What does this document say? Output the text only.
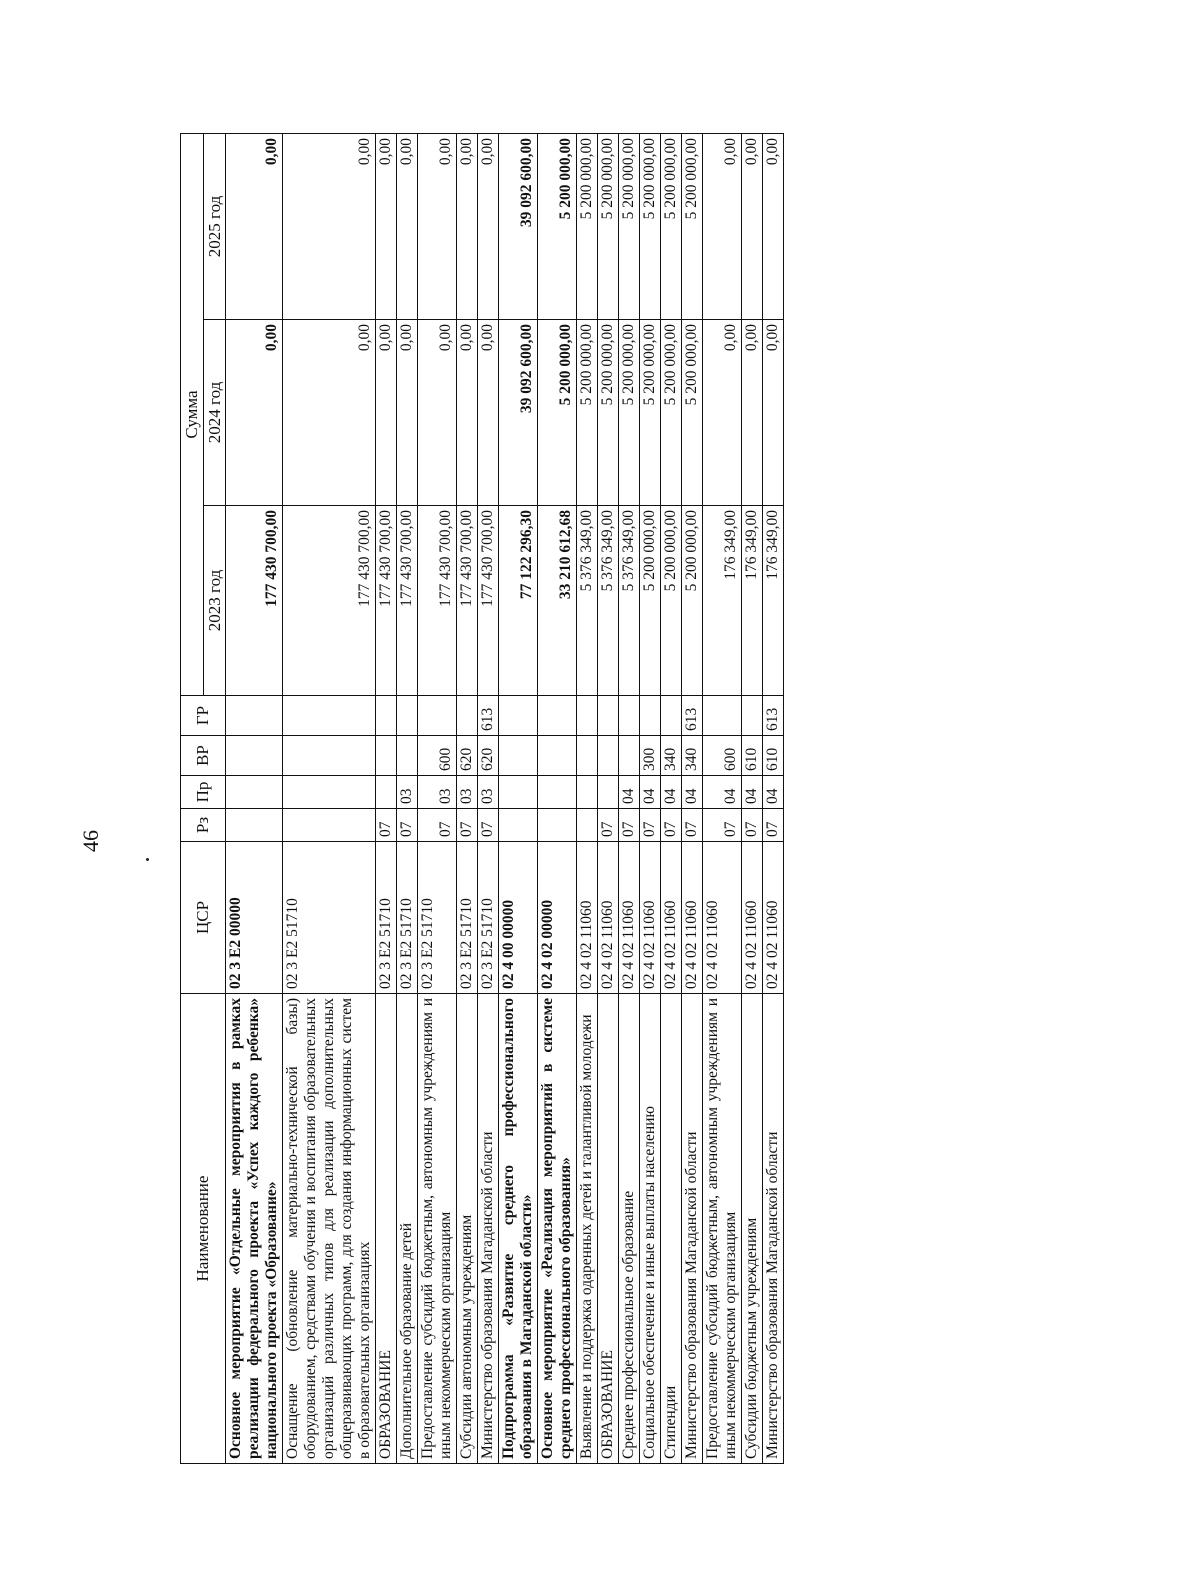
46
Наименование	ЦСР	Рз	Пр	ВР	ГР	Сумма		
						2023 год	2024 год	2025 год
Основное мероприятие «Отдельные мероприятия в рамках реализации федерального проекта «Успех каждого ребенка» национального проекта «Образование»	02 3 E2 00000					177 430 700,00	0,00	0,00
Оснащение (обновление материально-технической базы) оборудованием, средствами обучения и воспитания образовательных организаций различных типов для реализации дополнительных общеразвивающих программ, для создания информационных систем в образовательных организациях	02 3 E2 51710					177 430 700,00	0,00	0,00
ОБРАЗОВАНИЕ	02 3 E2 51710	07				177 430 700,00	0,00	0,00
Дополнительное образование детей	02 3 E2 51710	07	03			177 430 700,00	0,00	0,00
Предоставление субсидий бюджетным, автономным учреждениям и иным некоммерческим организациям	02 3 E2 51710	07	03	600		177 430 700,00	0,00	0,00
Субсидии автономным учреждениям	02 3 E2 51710	07	03	620		177 430 700,00	0,00	0,00
Министерство образования Магаданской области	02 3 E2 51710	07	03	620	613	177 430 700,00	0,00	0,00
Подпрограмма «Развитие среднего профессионального образования в Магаданской области»	02 4 00 00000					77 122 296,30	39 092 600,00	39 092 600,00
Основное мероприятие «Реализация мероприятий в системе среднего профессионального образования»	02 4 02 00000					33 210 612,68	5 200 000,00	5 200 000,00
Выявление и поддержка одаренных детей и талантливой молодежи	02 4 02 11060					5 376 349,00	5 200 000,00	5 200 000,00
ОБРАЗОВАНИЕ	02 4 02 11060	07				5 376 349,00	5 200 000,00	5 200 000,00
Среднее профессиональное образование	02 4 02 11060	07	04			5 376 349,00	5 200 000,00	5 200 000,00
Социальное обеспечение и иные выплаты населению	02 4 02 11060	07	04	300		5 200 000,00	5 200 000,00	5 200 000,00
Стипендии	02 4 02 11060	07	04	340		5 200 000,00	5 200 000,00	5 200 000,00
Министерство образования Магаданской области	02 4 02 11060	07	04	340	613	5 200 000,00	5 200 000,00	5 200 000,00
Предоставление субсидий бюджетным, автономным учреждениям и иным некоммерческим организациям	02 4 02 11060	07	04	600		176 349,00	0,00	0,00
Субсидии бюджетным учреждениям	02 4 02 11060	07	04	610		176 349,00	0,00	0,00
Министерство образования Магаданской области	02 4 02 11060	07	04	610	613	176 349,00	0,00	0,00
